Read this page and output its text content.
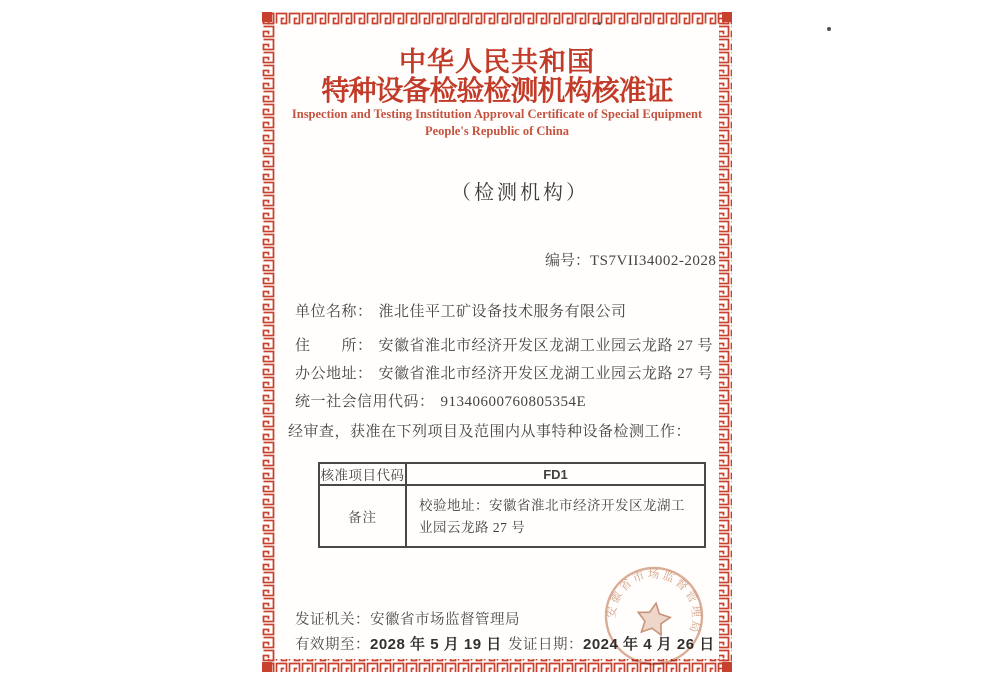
中华人民共和国
特种设备检验检测机构核准证
Inspection and Testing Institution Approval Certificate of Special Equipment
People's Republic of China
（检测机构）
编号：TS7VII34002-2028
单位名称： 淮北佳平工矿设备技术服务有限公司
住　　所： 安徽省淮北市经济开发区龙湖工业园云龙路 27 号
办公地址： 安徽省淮北市经济开发区龙湖工业园云龙路 27 号
统一社会信用代码： 91340600760805354E
经审查，获准在下列项目及范围内从事特种设备检测工作：
核准项目代码	FD1
备注
校验地址：安徽省淮北市经济开发区龙湖工业园云龙路 27 号
发证机关：安徽省市场监督管理局
有效期至：2028 年 5 月 19 日 发证日期：2024 年 4 月 26 日
安徽省市场监督管理局
